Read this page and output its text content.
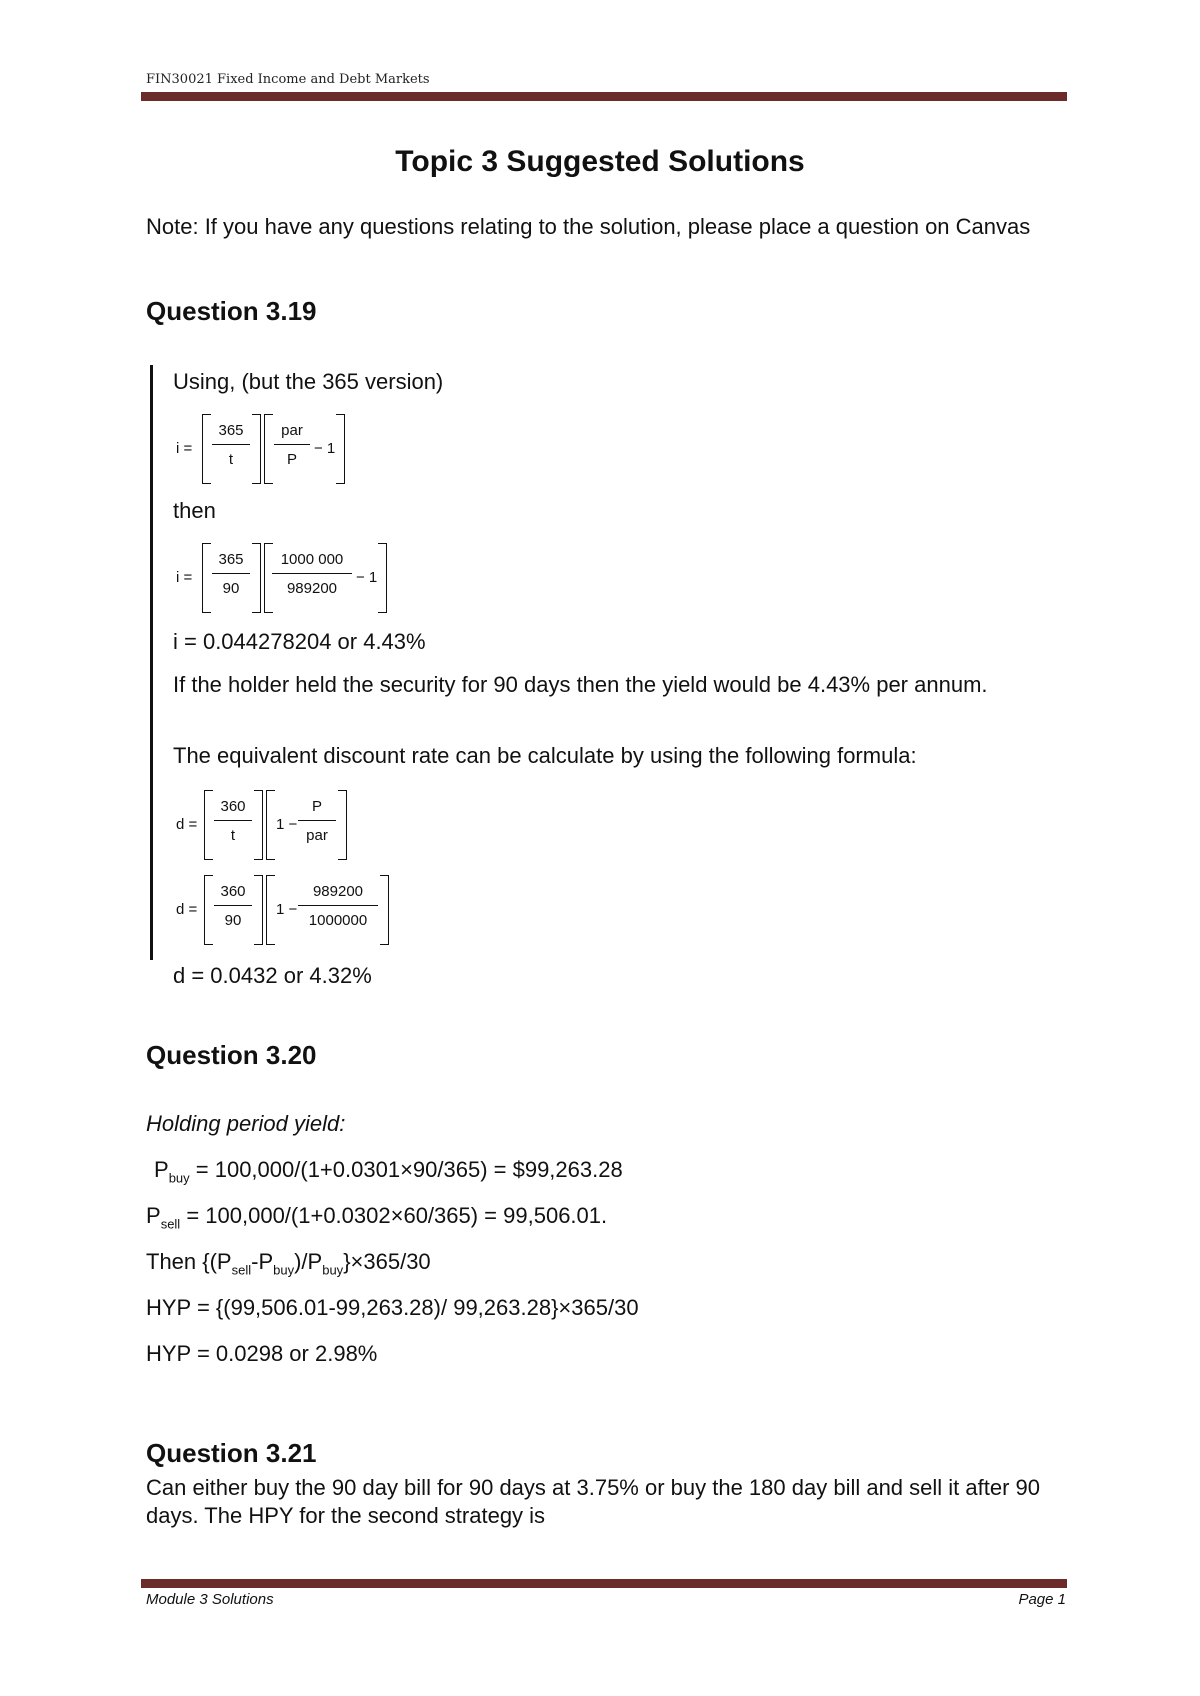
FIN30021 Fixed Income and Debt Markets
Topic 3 Suggested Solutions
Note: If you have any questions relating to the solution, please place a question on Canvas
Question 3.19
Using, (but the 365 version)
$i = \frac{365}{t}$	par
P
− 1
then
$i = \frac{365}{90} \frac{1000 000}{989200} - 1$
i = 0.044278204 or 4.43%
If the holder held the security for 90 days then the yield would be 4.43% per annum.
The equivalent discount rate can be calculate by using the following formula:
$d = \frac{360}{t} 1$ −
P
par
$d = \frac{360}{90} 1 - \frac{989200}{1000000}$
d = 0.0432 or 4.32%
Question 3.20
Holding period yield:
$P_{buy} = 100,000/(1+0.0301\times 90/365)$ = $99,263.28
$P_{sell} = 100,000/(1+0.0302\times 60/365) = 99,506.01$.
Then $\{(P_{sell}-P_{buy})/P_{buy}\}\times 365/30$
HYP = {(99,506.01-99,263.28)/ 99,263.28}×365/30
HYP = 0.0298 or 2.98%
Question 3.21
Can either buy the 90 day bill for 90 days at 3.75% or buy the 180 day bill and sell it after 90 days. The HPY for the second strategy is
Module 3 Solutions	Page 1
